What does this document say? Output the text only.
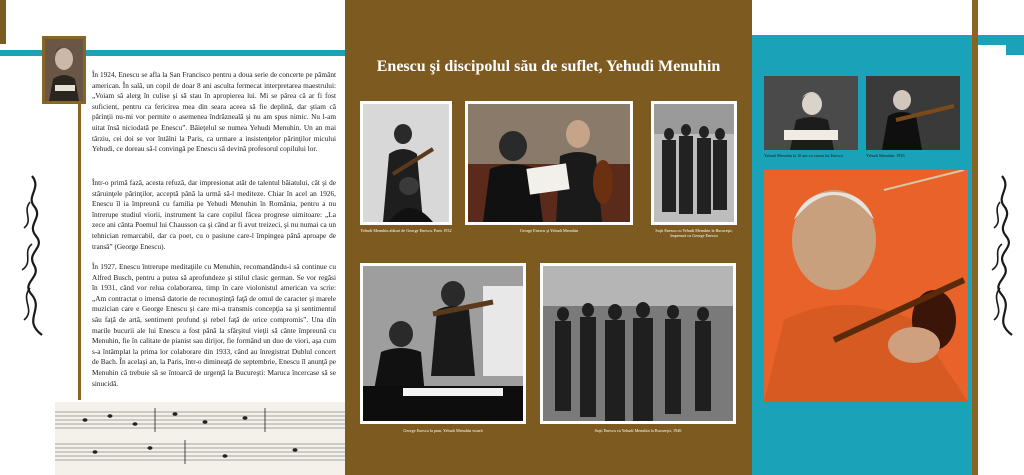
În 1924, Enescu se afla la San Francisco pentru a doua serie de concerte pe pământ american. În sală, un copil de doar 8 ani asculta fermecat interpretarea maestrului: „Voiam să alerg în culise şi să stau în apropierea lui. Mi se părea că ar fi fost suficient, pentru ca fericirea mea din seara aceea să fie deplină, dar ştiam că părinţii nu-mi vor permite o asemenea îndrăzneală şi nu am spus nimic. Nu l-am uitat însă niciodată pe Enescu”. Băieţelul se numea Yehudi Menuhin. Un an mai târziu, cei doi se vor întâlni la Paris, ca urmare a insistenţelor părinţilor micului Yehudi, ce doreau să-l convingă pe Enescu să devină profesorul copilului lor.

Într-o primă fază, acesta refuză, dar impresionat atât de talentul băiatului, cât şi de stăruinţele părinţilor, acceptă până la urmă să-l mediteze. Chiar în acel an 1926, Enescu îl ia împreună cu familia pe Yehudi Menuhin în România, pentru a nu întrerupe studiul viorii, instrument la care copilul făcea progrese uimitoare: „La zece ani cânta Poemul lui Chausson ca şi când ar fi avut treizeci, şi nu numai ca un tehnician remarcabil, dar ca poet, cu o pasiune care-l împingea până aproape de transă” (George Enescu).

În 1927, Enescu întrerupe meditaţiile cu Menuhin, recomandându-i să continue cu Alfred Busch, pentru a putea să aprofundeze şi stilul clasic german. Se vor regăsi în 1931, când vor relua colaborarea, timp în care violonistul american va scrie: „Am contractat o imensă datorie de recunoştinţă faţă de omul de caracter şi marele muzician care e George Enescu şi care mi-a transmis concepţia sa şi sentimentul său faţă de artă, sentiment profund şi rebel faţă de orice compromis”. Una din marile bucurii ale lui Enescu a fost până la sfârşitul vieţii să cânte împreună cu Menuhin, fie în calitate de pianist sau dirijor, fie formând un duo de viori, aşa cum s-a întâmplat la prima lor colaborare din 1933, când au înregistrat Dublul concert de Bach. În acelaşi an, la Paris, într-o dimineaţă de septembrie, Enescu îl anunţă pe Menuhin că trebuie să se întoarcă de urgenţă la Bucureşti: Maruca încercase să se sinucidă.

Enescu şi discipolul său de suflet, Yehudi Menuhin
Yehudi Menuhin alături de George Enescu, Paris 1932	George Enescu şi Yehudi Menuhin	Soţii Enescu cu Yehudi Menuhin la Bucureşti, împreună cu George Enescu
George Enescu la pian, Yehudi Menuhin vioară	Soţii Enescu cu Yehudi Menuhin la Bucureşti, 1946
Yehudi Menuhin la 10 ani cu vioara lui Enescu	Yehudi Menuhin, 1935
